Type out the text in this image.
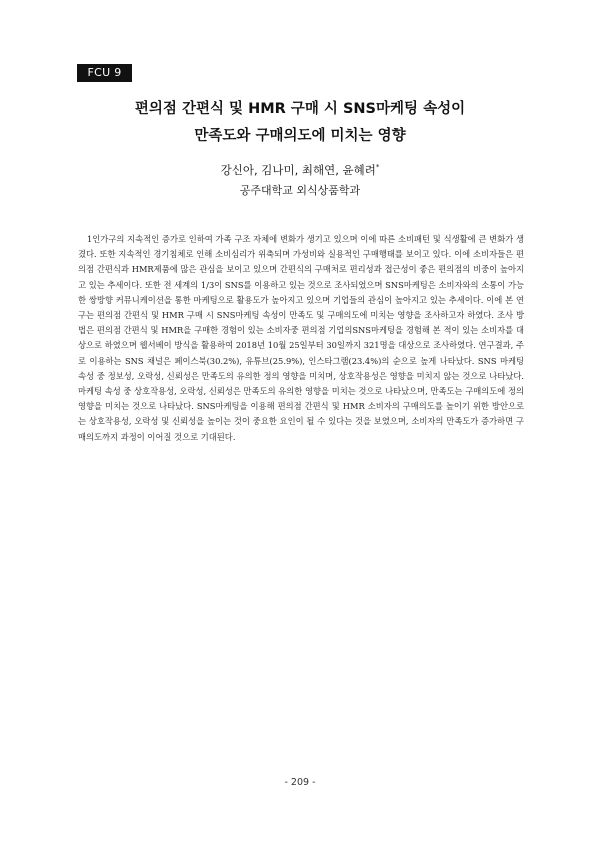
FCU 9
편의점 간편식 및 HMR 구매 시 SNS마케팅 속성이
만족도와 구매의도에 미치는 영향
강신아, 김나미, 최해연, 윤혜려*
공주대학교 외식상품학과

1인가구의 지속적인 증가로 인하여 가족 구조 자체에 변화가 생기고 있으며 이에 따른 소비패턴 및 식생활에 큰 변화가 생겼다. 또한 지속적인 경기침체로 인해 소비심리가 위축되며 가성비와 실용적인 구매행태를 보이고 있다. 이에 소비자들은 편의점 간편식과 HMR제품에 많은 관심을 보이고 있으며 간편식의 구매처로 편리성과 접근성이 좋은 편의점의 비중이 높아지고 있는 추세이다. 또한 전 세계의 1/3이 SNS를 이용하고 있는 것으로 조사되었으며 SNS마케팅은 소비자와의 소통이 가능한 쌍방향 커뮤니케이션을 통한 마케팅으로 활용도가 높아지고 있으며 기업들의 관심이 높아지고 있는 추세이다. 이에 본 연구는 편의점 간편식 및 HMR 구매 시 SNS마케팅 속성이 만족도 및 구매의도에 미치는 영향을 조사하고자 하였다. 조사 방법은 편의점 간편식 및 HMR을 구매한 경험이 있는 소비자중 편의점 기업의SNS마케팅을 경험해 본 적이 있는 소비자를 대상으로 하였으며 웹서베이 방식을 활용하여 2018년 10월 25일부터 30일까지 321명을 대상으로 조사하였다. 연구결과, 주로 이용하는 SNS 채널은 페이스북(30.2%), 유튜브(25.9%), 인스타그램(23.4%)의 순으로 높게 나타났다. SNS 마케팅 속성 중 정보성, 오락성, 신뢰성은 만족도의 유의한 정의 영향을 미치며, 상호작용성은 영향을 미치지 않는 것으로 나타났다. 마케팅 속성 중 상호작용성, 오락성, 신뢰성은 만족도의 유의한 영향을 미치는 것으로 나타났으며, 만족도는 구매의도에 정의 영향을 미치는 것으로 나타났다. SNS마케팅을 이용해 편의점 간편식 및 HMR 소비자의 구매의도를 높이기 위한 방안으로는 상호작용성, 오락성 및 신뢰성을 높이는 것이 중요한 요인이 될 수 있다는 것을 보였으며, 소비자의 만족도가 증가하면 구매의도까지 과정이 이어질 것으로 기대된다.

- 209 -
